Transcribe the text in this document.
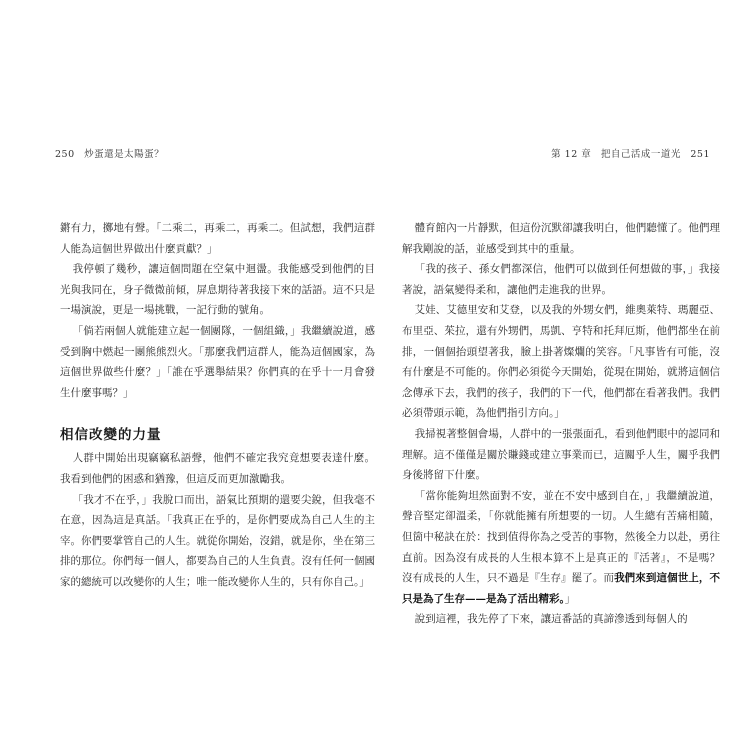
250 炒蛋還是太陽蛋？	第 12 章 把自己活成一道光 251

鏘有力，擲地有聲。「二乘二，再乘二，再乘二。但試想，我們這群人能為這個世界做出什麼貢獻？」

我停頓了幾秒，讓這個問題在空氣中迴盪。我能感受到他們的目光與我同在，身子微微前傾，屏息期待著我接下來的話語。這不只是一場演說，更是一場挑戰，一記行動的號角。

「倘若兩個人就能建立起一個團隊，一個組織，」我繼續說道，感受到胸中燃起一團熊熊烈火。「那麼我們這群人，能為這個國家，為這個世界做些什麼？」「誰在乎選舉結果？你們真的在乎十一月會發生什麼事嗎？」

相信改變的力量

人群中開始出現竊竊私語聲，他們不確定我究竟想要表達什麼。我看到他們的困惑和猶豫，但這反而更加激勵我。

「我才不在乎，」我脫口而出，語氣比預期的還要尖銳，但我毫不在意，因為這是真話。「我真正在乎的，是你們要成為自己人生的主宰。你們要掌管自己的人生。就從你開始，沒錯，就是你，坐在第三排的那位。你們每一個人，都要為自己的人生負責。沒有任何一個國家的總統可以改變你的人生；唯一能改變你人生的，只有你自己。」

體育館內一片靜默，但這份沉默卻讓我明白，他們聽懂了。他們理解我剛說的話，並感受到其中的重量。

「我的孩子、孫女們都深信，他們可以做到任何想做的事，」我接著說，語氣變得柔和，讓他們走進我的世界。

艾娃、艾德里安和艾登，以及我的外甥女們，維奧萊特、瑪麗亞、布里亞、茱拉，還有外甥們，馬凱、亨特和托拜厄斯，他們都坐在前排，一個個抬頭望著我，臉上掛著燦爛的笑容。「凡事皆有可能，沒有什麼是不可能的。你們必須從今天開始，從現在開始，就將這個信念傳承下去，我們的孩子，我們的下一代，他們都在看著我們。我們必須帶頭示範，為他們指引方向。」

我掃視著整個會場，人群中的一張張面孔，看到他們眼中的認同和理解。這不僅僅是關於賺錢或建立事業而已，這關乎人生，關乎我們身後將留下什麼。

「當你能夠坦然面對不安，並在不安中感到自在，」我繼續說道，聲音堅定卻溫柔，「你就能擁有所想要的一切。人生總有苦痛相隨，但箇中秘訣在於：找到值得你為之受苦的事物，然後全力以赴，勇往直前。因為沒有成長的人生根本算不上是真正的『活著』，不是嗎？沒有成長的人生，只不過是『生存』罷了。而我們來到這個世上，不只是為了生存——是為了活出精彩。」

說到這裡，我先停了下來，讓這番話的真諦滲透到每個人的
